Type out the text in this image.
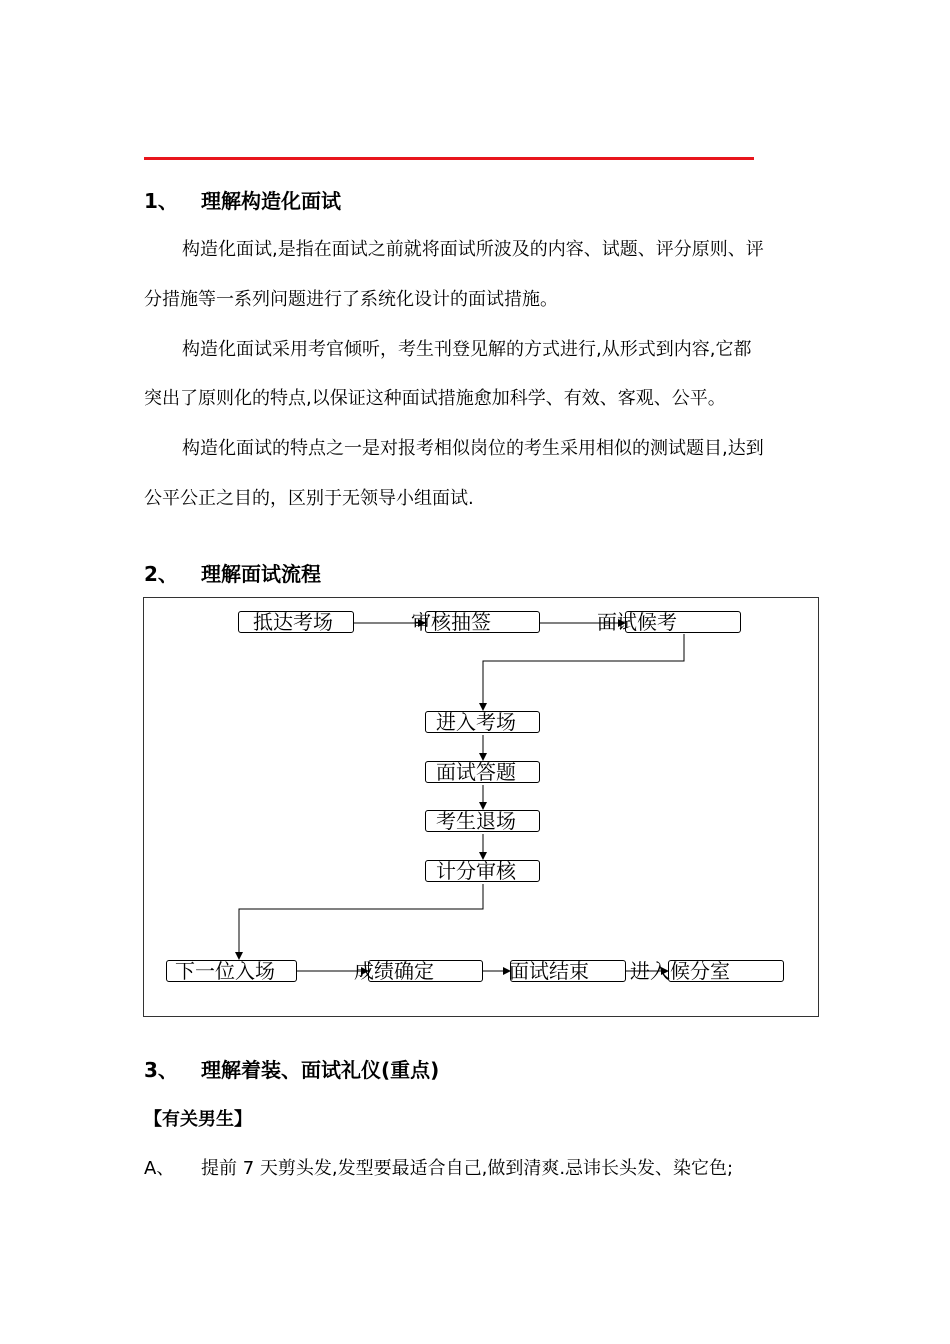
1、 理解构造化面试
构造化面试,是指在面试之前就将面试所波及的内容、试题、评分原则、评
分措施等一系列问题进行了系统化设计的面试措施。
构造化面试采用考官倾听，考生刊登见解的方式进行,从形式到内容,它都
突出了原则化的特点,以保证这种面试措施愈加科学、有效、客观、公平。
构造化面试的特点之一是对报考相似岗位的考生采用相似的测试题目,达到
公平公正之目的，区别于无领导小组面试.
2、 理解面试流程
抵达考场	审核抽签	面试候考
进入考场
面试答题
考生退场
计分审核
下一位入场	成绩确定	面试结束 进入候分室
3、 理解着装、面试礼仪(重点)
【有关男生】
A、 提前 7 天剪头发,发型要最适合自己,做到清爽.忌讳长头发、染它色;
